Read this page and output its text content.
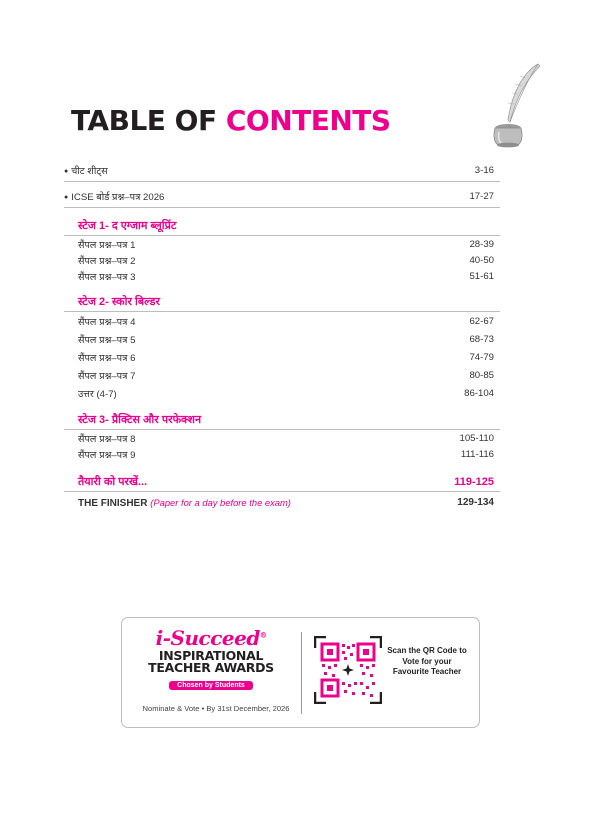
TABLE OF CONTENTS
● चीट शीट्स	3-16
● ICSE बोर्ड प्रश्न–पत्र 2026	17-27
स्टेज 1- द एग्जाम ब्लूप्रिंट
सैंपल प्रश्न–पत्र 1	28-39
सैंपल प्रश्न–पत्र 2	40-50
सैंपल प्रश्न–पत्र 3	51-61
स्टेज 2- स्कोर बिल्डर
सैंपल प्रश्न–पत्र 4	62-67
सैंपल प्रश्न–पत्र 5	68-73
सैंपल प्रश्न–पत्र 6	74-79
सैंपल प्रश्न–पत्र 7	80-85
उत्तर (4-7)	86-104
स्टेज 3- प्रैक्टिस और परफेक्शन
सैंपल प्रश्न–पत्र 8	105-110
सैंपल प्रश्न–पत्र 9	111-116
तैयारी को परखें...	119-125
THE FINISHER (Paper for a day before the exam)	129-134
i-Succeed®
INSPIRATIONAL
TEACHER AWARDS
Chosen by Students
Nominate & Vote • By 31st December, 2026
Scan the QR Code to Vote for your Favourite Teacher
